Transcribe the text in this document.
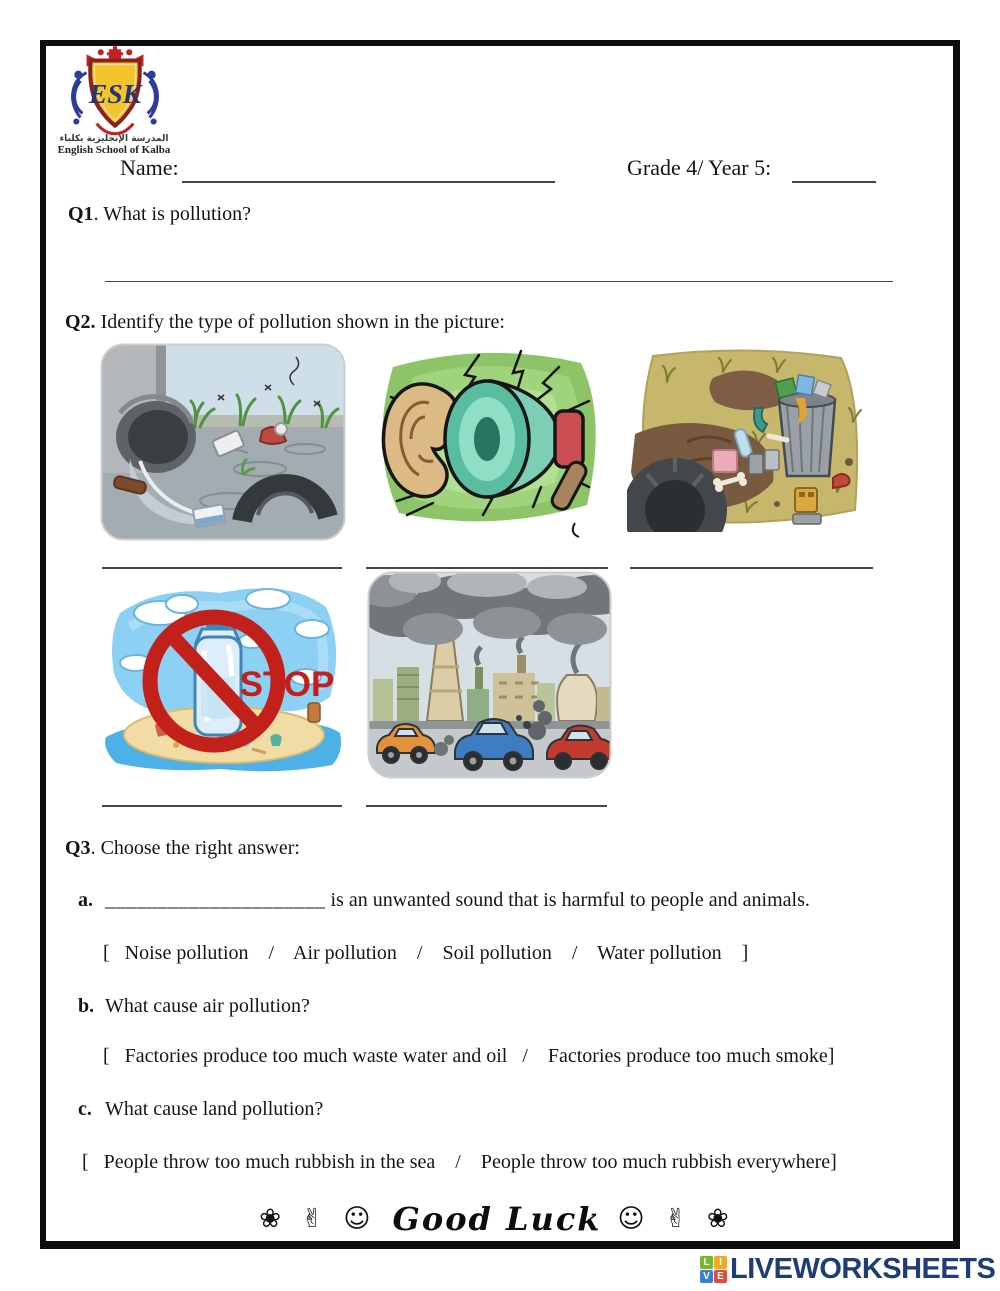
ESK
المدرسة الإنجليزية بكلباء
English School of Kalba
Name:	Grade 4/ Year 5:
Q1. What is pollution?
Q2. Identify the type of pollution shown in the picture:
STOP
Q3. Choose the right answer:
a. _____________________ is an unwanted sound that is harmful to people and animals.
[   Noise pollution    /    Air pollution    /    Soil pollution    /    Water pollution    ]
b. What cause air pollution?
[   Factories produce too much waste water and oil   /    Factories produce too much smoke]
c. What cause land pollution?
[   People throw too much rubbish in the sea    /    People throw too much rubbish everywhere]
❀ ✌ ☺ Good Luck ☺ ✌ ❀
L I
V E LIVEWORKSHEETS
